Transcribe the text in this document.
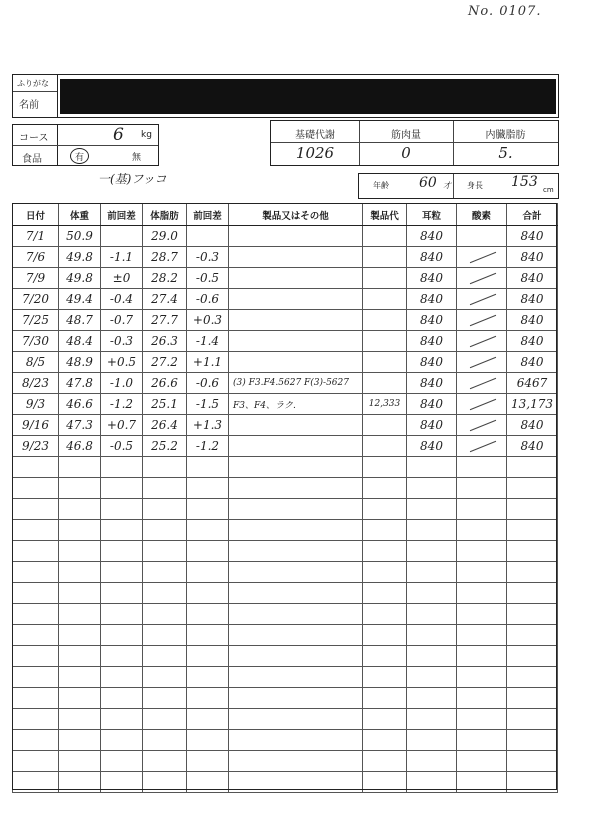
No. 0107.
ふりがな
名前
コース	6 kg
食品	有	無
一(基)フッコ
基礎代謝	筋肉量	内臓脂肪
1026	0	5.
年齢 60 才 身長 153 cm
日付	体重	前回差	体脂肪	前回差	製品又はその他	製品代	耳粒	酸素	合計
7/1	50.9		29.0				840		840
7/6	49.8	-1.1	28.7	-0.3			840		840
7/9	49.8	±0	28.2	-0.5			840		840
7/20	49.4	-0.4	27.4	-0.6			840		840
7/25	48.7	-0.7	27.7	+0.3			840		840
7/30	48.4	-0.3	26.3	-1.4			840		840
8/5	48.9	+0.5	27.2	+1.1			840		840
8/23	47.8	-1.0	26.6	-0.6	(3) F3.F4.5627 F(3)-5627		840		6467
9/3	46.6	-1.2	25.1	-1.5	F3、F4、ラク.	12,333	840		13,173
9/16	47.3	+0.7	26.4	+1.3			840		840
9/23	46.8	-0.5	25.2	-1.2			840		840
